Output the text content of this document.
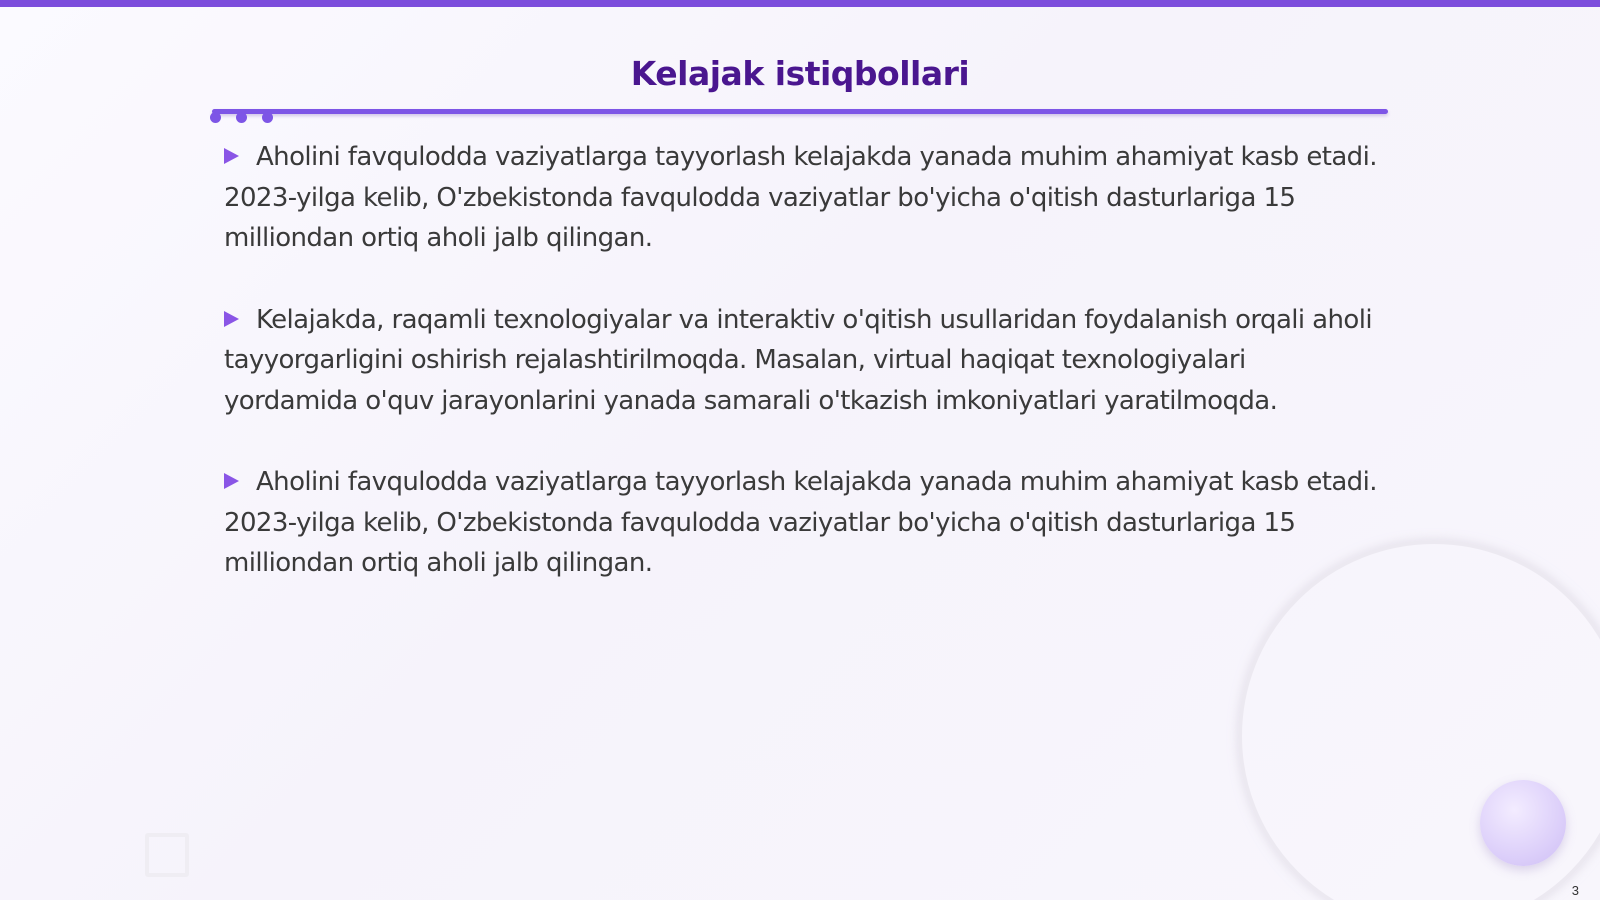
Kelajak istiqbollari
Aholini favqulodda vaziyatlarga tayyorlash kelajakda yanada muhim ahamiyat kasb etadi. 2023-yilga kelib, O'zbekistonda favqulodda vaziyatlar bo'yicha o'qitish dasturlariga 15 milliondan ortiq aholi jalb qilingan.
Kelajakda, raqamli texnologiyalar va interaktiv o'qitish usullaridan foydalanish orqali aholi tayyorgarligini oshirish rejalashtirilmoqda. Masalan, virtual haqiqat texnologiyalari yordamida o'quv jarayonlarini yanada samarali o'tkazish imkoniyatlari yaratilmoqda.
Aholini favqulodda vaziyatlarga tayyorlash kelajakda yanada muhim ahamiyat kasb etadi. 2023-yilga kelib, O'zbekistonda favqulodda vaziyatlar bo'yicha o'qitish dasturlariga 15 milliondan ortiq aholi jalb qilingan.
3
